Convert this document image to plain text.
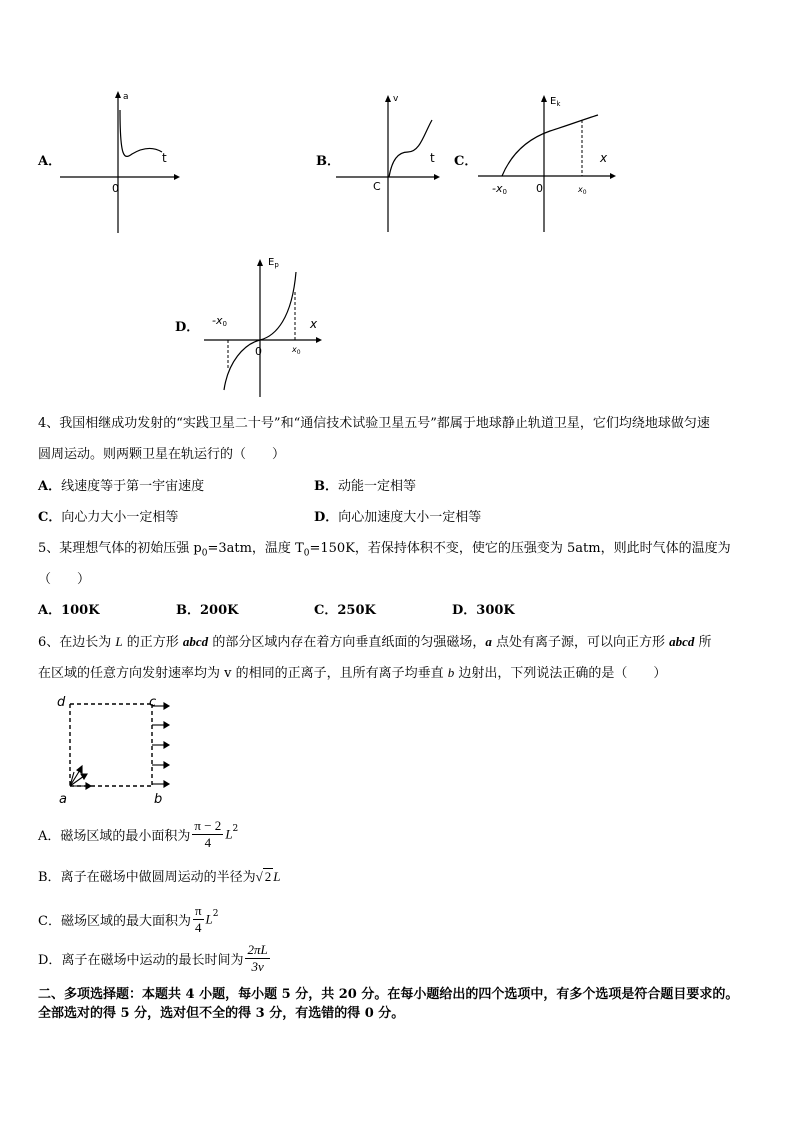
A．
a
t
0
B．
v
t
C
C．
$E_k$
x
0
-x0	$x_0$
D．
$E_p$
x
0
-x0
$x_0$
4、我国相继成功发射的“实践卫星二十号”和“通信技术试验卫星五号”都属于地球静止轨道卫星，它们均绕地球做匀速
圆周运动。则两颗卫星在轨运行的（　　）
A．线速度等于第一宇宙速度	B．动能一定相等
C．向心力大小一定相等	D．向心加速度大小一定相等
5、某理想气体的初始压强 $p_0=3atm$，温度 $T_0=150K$，若保持体积不变，使它的压强变为 5atm，则此时气体的温度为
（　　）
A．100K	B．200K	C．250K	D．300K
6、在边长为 L 的正方形 abcd 的部分区域内存在着方向垂直纸面的匀强磁场，a 点处有离子源，可以向正方形 abcd 所
在区域的任意方向发射速率均为 v 的相同的正离子，且所有离子均垂直 b 边射出，下列说法正确的是（　　）
d	c
a	b
A．磁场区域的最小面积为 $\frac{\pi - 2}{4} L^2$
B．离子在磁场中做圆周运动的半径为√ 2 L
C．磁场区域的最大面积为 $\frac{\pi}{4} L^2$
D．离子在磁场中运动的最长时间为 $\frac{2\pi L}{3v}$
二、多项选择题：本题共 4 小题，每小题 5 分，共 20 分。在每小题给出的四个选项中，有多个选项是符合题目要求的。
全部选对的得 5 分，选对但不全的得 3 分，有选错的得 0 分。
